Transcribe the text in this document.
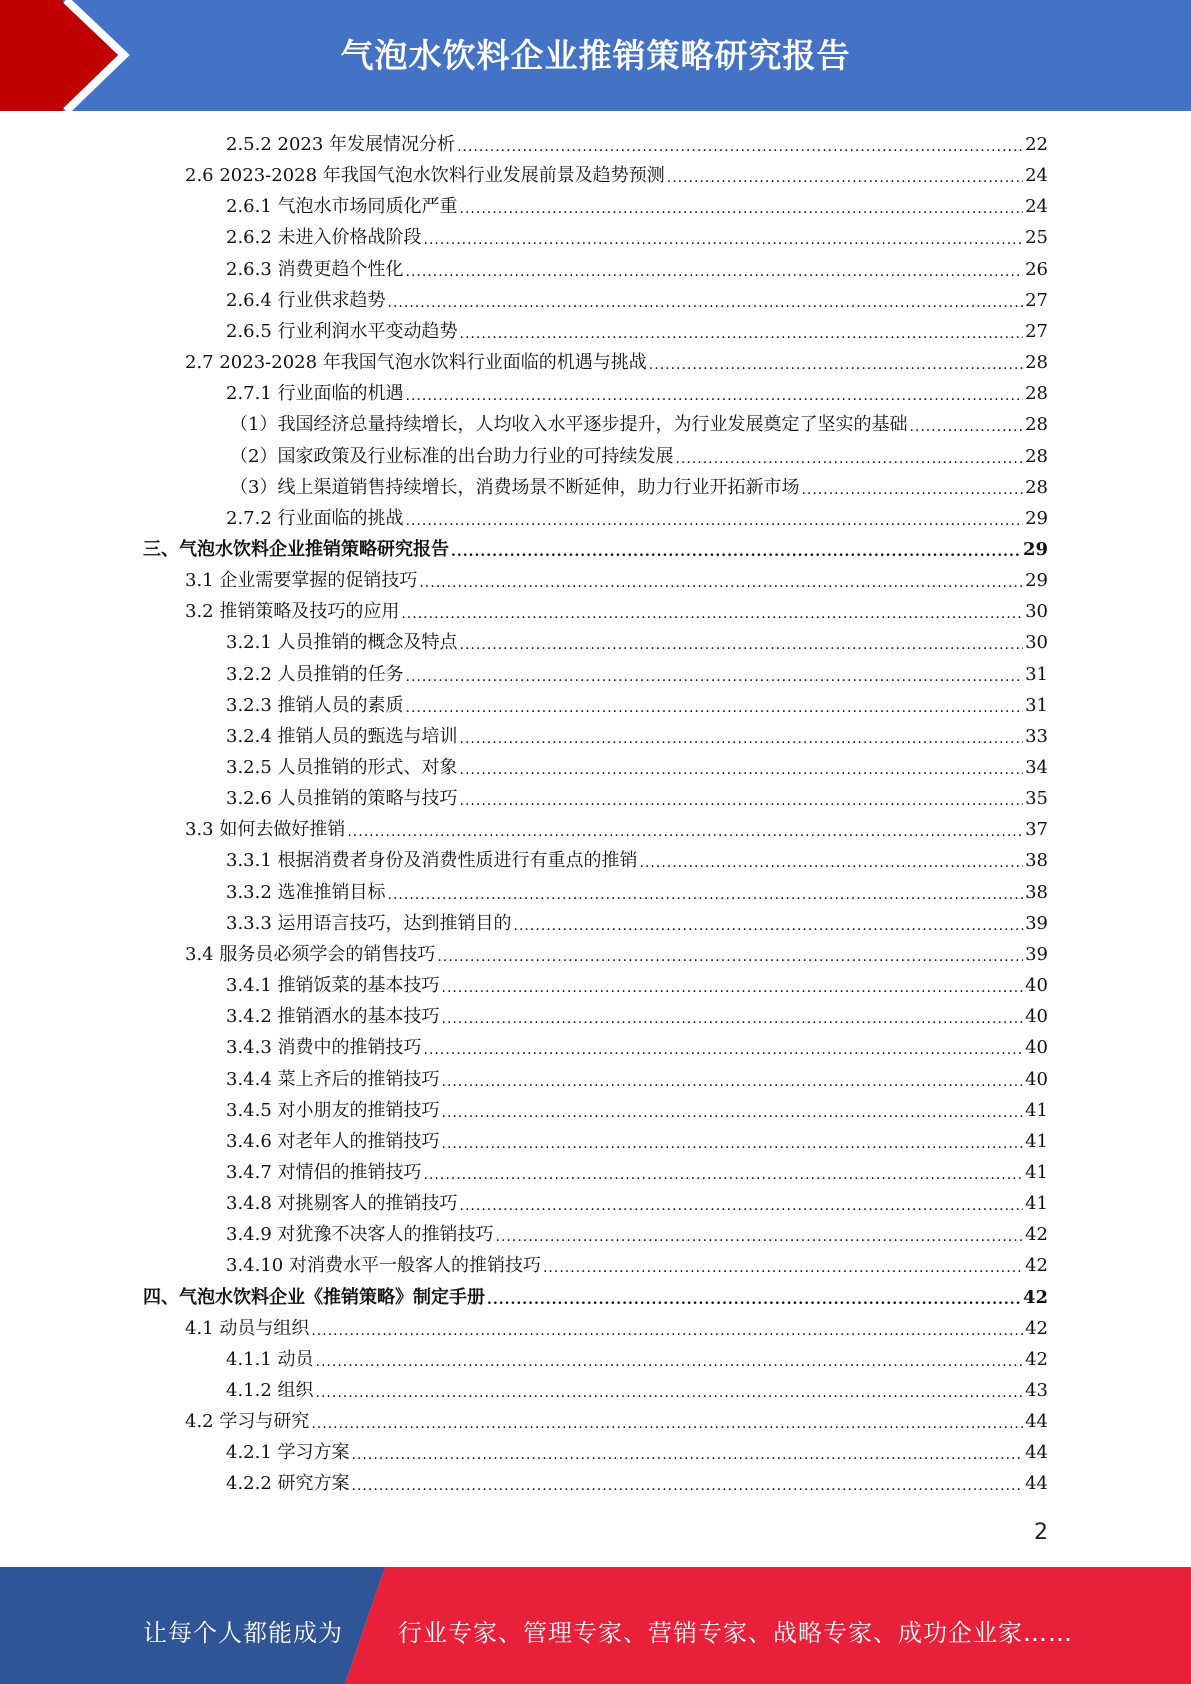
气泡水饮料企业推销策略研究报告
2.5.2 2023 年发展情况分析 .....	22
2.6 2023-2028 年我国气泡水饮料行业发展前景及趋势预测 .....	24
2.6.1 气泡水市场同质化严重 .....	24
2.6.2 未进入价格战阶段 .....	25
2.6.3 消费更趋个性化 .....	26
2.6.4 行业供求趋势 .....	27
2.6.5 行业利润水平变动趋势 .....	27
2.7 2023-2028 年我国气泡水饮料行业面临的机遇与挑战 .....	28
2.7.1 行业面临的机遇 .....	28
（1）我国经济总量持续增长，人均收入水平逐步提升，为行业发展奠定了坚实的基础 .....	28
（2）国家政策及行业标准的出台助力行业的可持续发展 .....	28
（3）线上渠道销售持续增长，消费场景不断延伸，助力行业开拓新市场 .....	28
2.7.2 行业面临的挑战 .....	29
三、气泡水饮料企业推销策略研究报告 .....	29
3.1 企业需要掌握的促销技巧 .....	29
3.2 推销策略及技巧的应用 .....	30
3.2.1 人员推销的概念及特点 .....	30
3.2.2 人员推销的任务 .....	31
3.2.3 推销人员的素质 .....	31
3.2.4 推销人员的甄选与培训 .....	33
3.2.5 人员推销的形式、对象 .....	34
3.2.6 人员推销的策略与技巧 .....	35
3.3 如何去做好推销 .....	37
3.3.1 根据消费者身份及消费性质进行有重点的推销 .....	38
3.3.2 选准推销目标 .....	38
3.3.3 运用语言技巧，达到推销目的 .....	39
3.4 服务员必须学会的销售技巧 .....	39
3.4.1 推销饭菜的基本技巧 .....	40
3.4.2 推销酒水的基本技巧 .....	40
3.4.3 消费中的推销技巧 .....	40
3.4.4 菜上齐后的推销技巧 .....	40
3.4.5 对小朋友的推销技巧 .....	41
3.4.6 对老年人的推销技巧 .....	41
3.4.7 对情侣的推销技巧 .....	41
3.4.8 对挑剔客人的推销技巧 .....	41
3.4.9 对犹豫不决客人的推销技巧 .....	42
3.4.10 对消费水平一般客人的推销技巧 .....	42
四、气泡水饮料企业《推销策略》制定手册 .....	42
4.1 动员与组织 .....	42
4.1.1 动员 .....	42
4.1.2 组织 .....	43
4.2 学习与研究 .....	44
4.2.1 学习方案 .....	44
4.2.2 研究方案 .....	44
2
让每个人都能成为 行业专家、管理专家、营销专家、战略专家、成功企业家……
